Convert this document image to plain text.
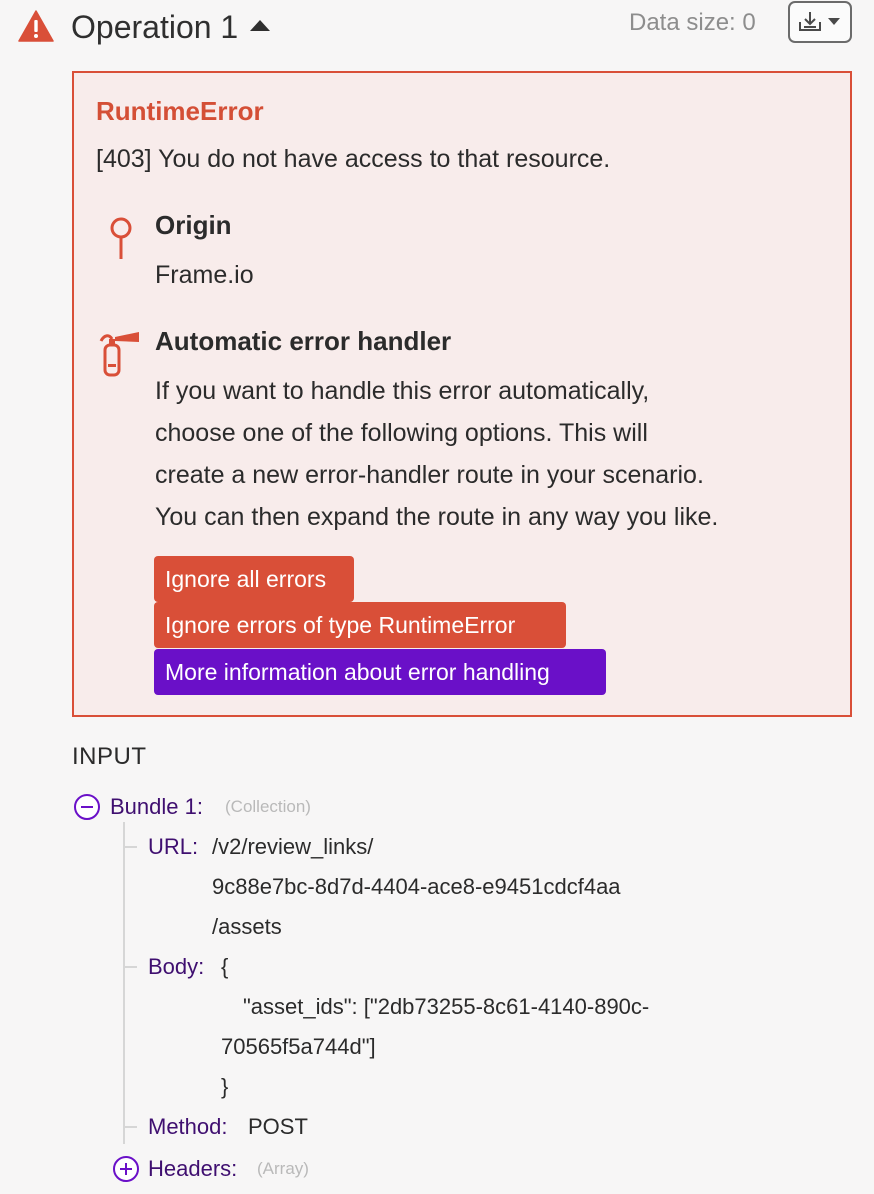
Operation 1	Data size: 0
RuntimeError
[403] You do not have access to that resource.
Origin
Frame.io
Automatic error handler
If you want to handle this error automatically,
choose one of the following options. This will
create a new error-handler route in your scenario.
You can then expand the route in any way you like.
Ignore all errors
Ignore errors of type RuntimeError
More information about error handling
INPUT
Bundle 1: (Collection)
URL: /v2/review_links/
9c88e7bc-8d7d-4404-ace8-e9451cdcf4aa
/assets
Body: {
"asset_ids": ["2db73255-8c61-4140-890c-
70565f5a744d"]
}
Method: POST
Headers: (Array)
